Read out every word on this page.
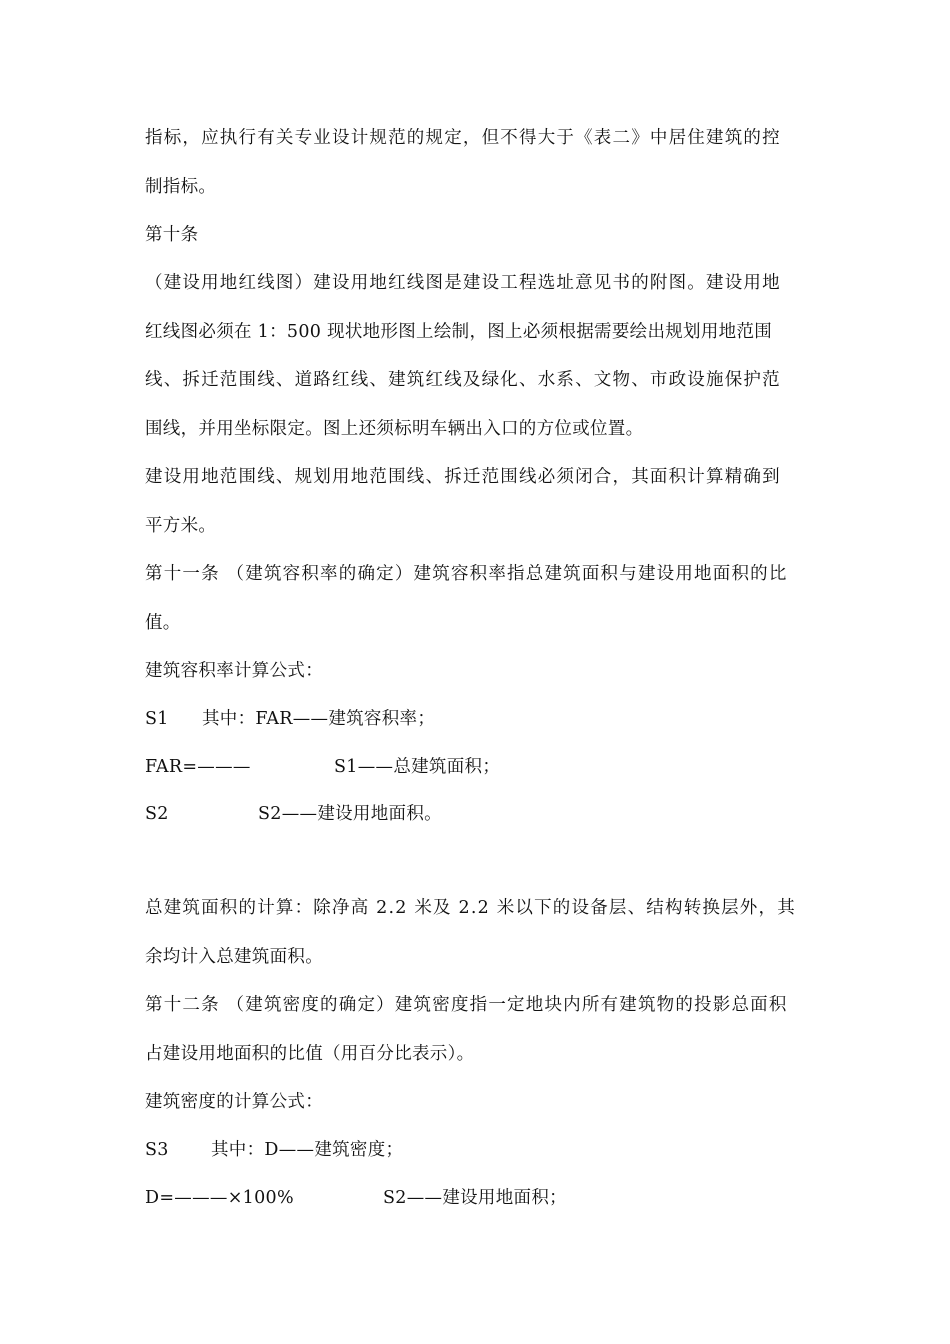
指标，应执行有关专业设计规范的规定，但不得大于《表二》中居住建筑的控
制指标。
第十条
（建设用地红线图）建设用地红线图是建设工程选址意见书的附图。建设用地
红线图必须在 1：500 现状地形图上绘制，图上必须根据需要绘出规划用地范围
线、拆迁范围线、道路红线、建筑红线及绿化、水系、文物、市政设施保护范
围线，并用坐标限定。图上还须标明车辆出入口的方位或位置。
建设用地范围线、规划用地范围线、拆迁范围线必须闭合，其面积计算精确到
平方米。
第十一条 （建筑容积率的确定）建筑容积率指总建筑面积与建设用地面积的比
值。
建筑容积率计算公式：
S1 其中：FAR——建筑容积率；
FAR=———	S1——总建筑面积；
S2	S2——建设用地面积。
总建筑面积的计算：除净高 2.2 米及 2.2 米以下的设备层、结构转换层外，其
余均计入总建筑面积。
第十二条 （建筑密度的确定）建筑密度指一定地块内所有建筑物的投影总面积
占建设用地面积的比值（用百分比表示）。
建筑密度的计算公式：
S3 其中：D——建筑密度；
D=———×100%	S2——建设用地面积；
